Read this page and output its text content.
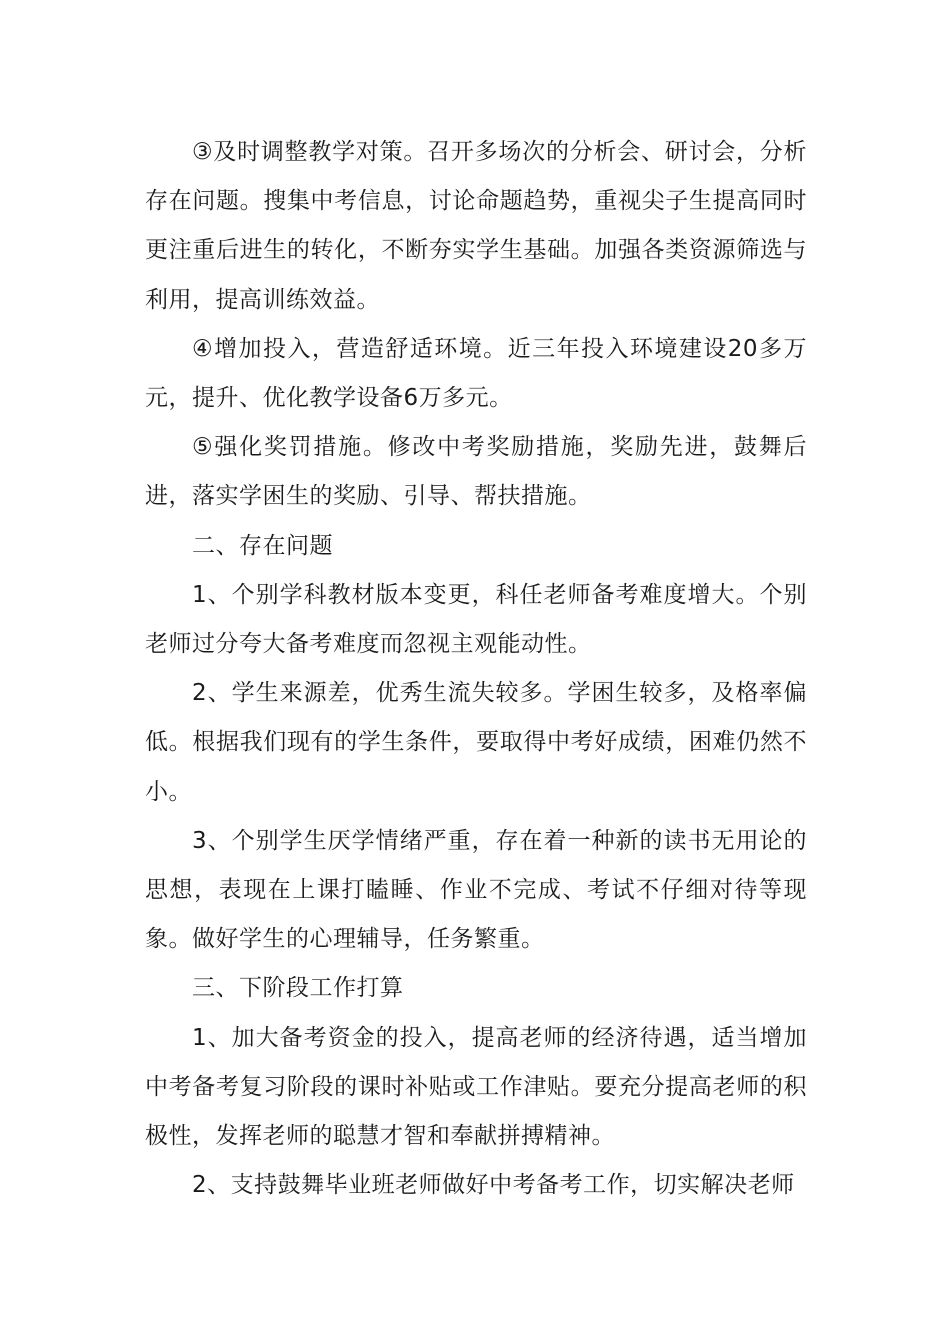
③及时调整教学对策。召开多场次的分析会、研讨会，分析存在问题。搜集中考信息，讨论命题趋势，重视尖子生提高同时更注重后进生的转化，不断夯实学生基础。加强各类资源筛选与利用，提高训练效益。

④增加投入，营造舒适环境。近三年投入环境建设20多万元，提升、优化教学设备6万多元。

⑤强化奖罚措施。修改中考奖励措施，奖励先进，鼓舞后进，落实学困生的奖励、引导、帮扶措施。

二、存在问题

1、个别学科教材版本变更，科任老师备考难度增大。个别老师过分夸大备考难度而忽视主观能动性。

2、学生来源差，优秀生流失较多。学困生较多，及格率偏低。根据我们现有的学生条件，要取得中考好成绩，困难仍然不小。

3、个别学生厌学情绪严重，存在着一种新的读书无用论的思想，表现在上课打瞌睡、作业不完成、考试不仔细对待等现象。做好学生的心理辅导，任务繁重。

三、下阶段工作打算

1、加大备考资金的投入，提高老师的经济待遇，适当增加中考备考复习阶段的课时补贴或工作津贴。要充分提高老师的积极性，发挥老师的聪慧才智和奉献拼搏精神。

2、支持鼓舞毕业班老师做好中考备考工作，切实解决老师
